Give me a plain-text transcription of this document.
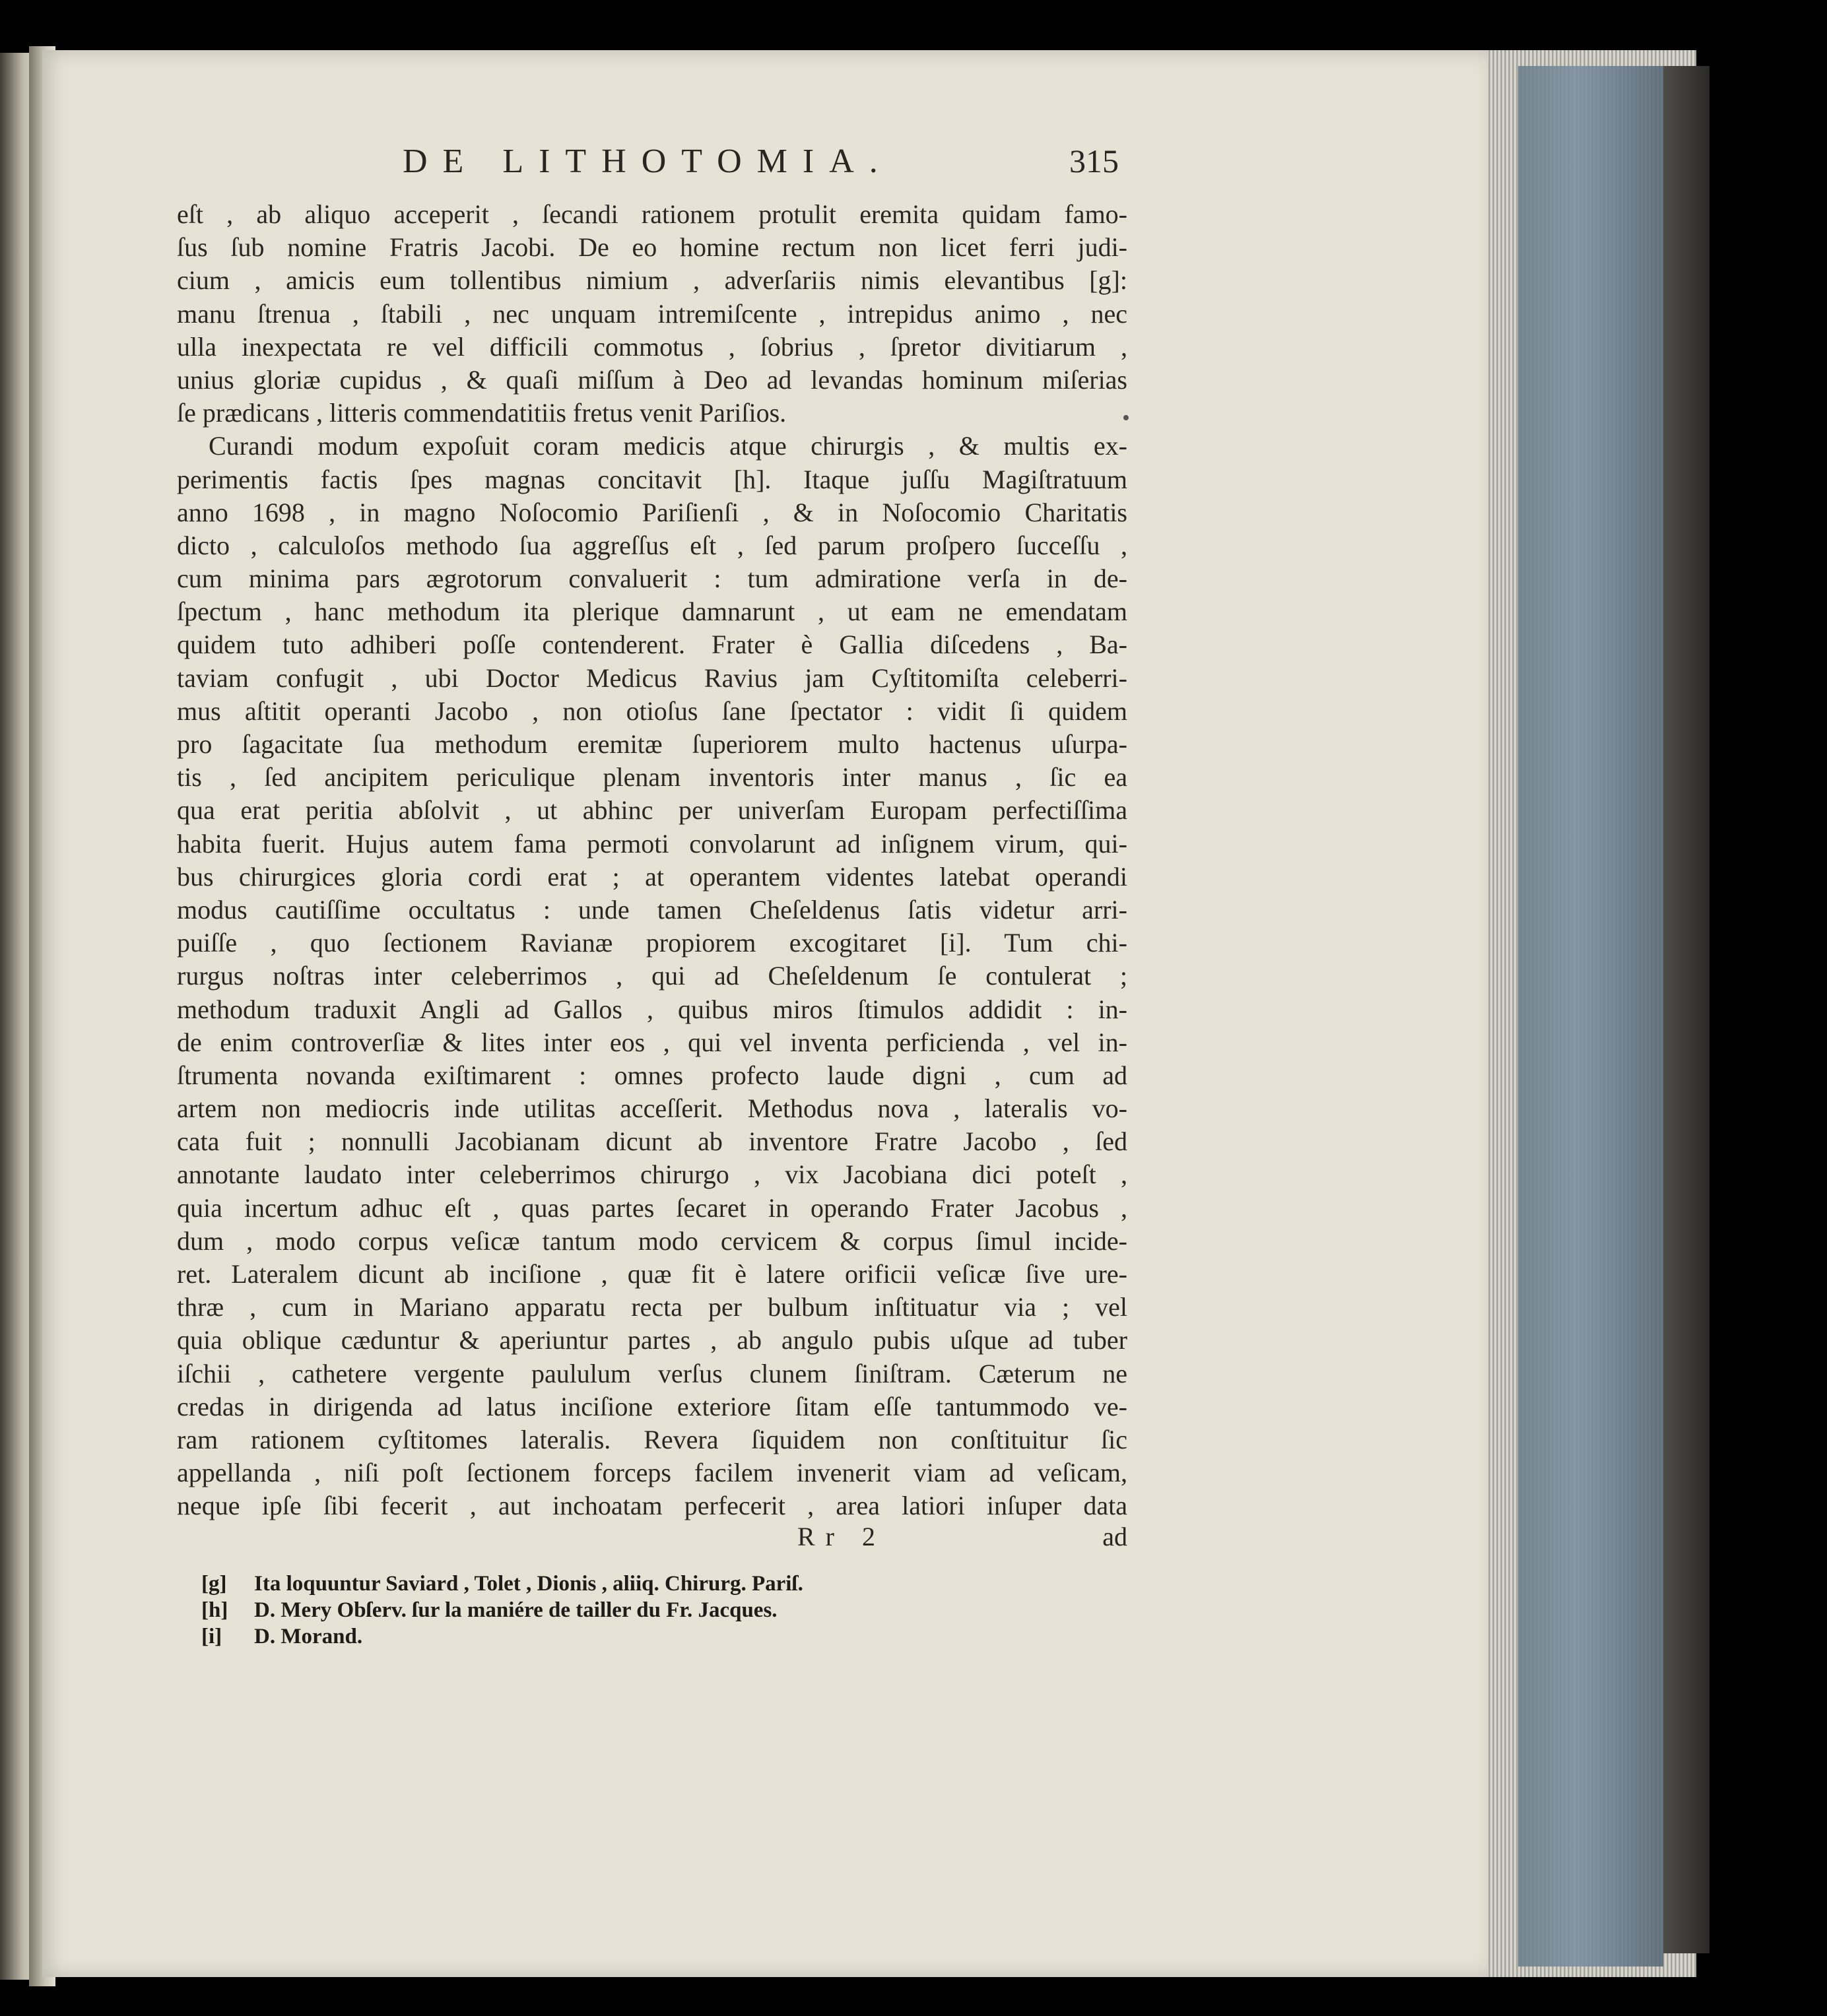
DE LITHOTOMIA.	315
eſt , ab aliquo acceperit , ſecandi rationem protulit eremita quidam famo-
ſus ſub nomine Fratris Jacobi. De eo homine rectum non licet ferri judi-
cium , amicis eum tollentibus nimium , adverſariis nimis elevantibus [g]:
manu ſtrenua , ſtabili , nec unquam intremiſcente , intrepidus animo , nec
ulla inexpectata re vel difficili commotus , ſobrius , ſpretor divitiarum ,
unius gloriæ cupidus , & quaſi miſſum à Deo ad levandas hominum miſerias
ſe prædicans , litteris commendatitiis fretus venit Pariſios.
Curandi modum expoſuit coram medicis atque chirurgis , & multis ex-
perimentis factis ſpes magnas concitavit [h]. Itaque juſſu Magiſtratuum
anno 1698 , in magno Noſocomio Pariſienſi , & in Noſocomio Charitatis
dicto , calculoſos methodo ſua aggreſſus eſt , ſed parum proſpero ſucceſſu ,
cum minima pars ægrotorum convaluerit : tum admiratione verſa in de-
ſpectum , hanc methodum ita plerique damnarunt , ut eam ne emendatam
quidem tuto adhiberi poſſe contenderent. Frater è Gallia diſcedens , Ba-
taviam confugit , ubi Doctor Medicus Ravius jam Cyſtitomiſta celeberri-
mus aſtitit operanti Jacobo , non otioſus ſane ſpectator : vidit ſi quidem
pro ſagacitate ſua methodum eremitæ ſuperiorem multo hactenus uſurpa-
tis , ſed ancipitem periculique plenam inventoris inter manus , ſic ea
qua erat peritia abſolvit , ut abhinc per univerſam Europam perfectiſſima
habita fuerit. Hujus autem fama permoti convolarunt ad inſignem virum, qui-
bus chirurgices gloria cordi erat ; at operantem videntes latebat operandi
modus cautiſſime occultatus : unde tamen Cheſeldenus ſatis videtur arri-
puiſſe , quo ſectionem Ravianæ propiorem excogitaret [i]. Tum chi-
rurgus noſtras inter celeberrimos , qui ad Cheſeldenum ſe contulerat ;
methodum traduxit Angli ad Gallos , quibus miros ſtimulos addidit : in-
de enim controverſiæ & lites inter eos , qui vel inventa perficienda , vel in-
ſtrumenta novanda exiſtimarent : omnes profecto laude digni , cum ad
artem non mediocris inde utilitas acceſſerit. Methodus nova , lateralis vo-
cata fuit ; nonnulli Jacobianam dicunt ab inventore Fratre Jacobo , ſed
annotante laudato inter celeberrimos chirurgo , vix Jacobiana dici poteſt ,
quia incertum adhuc eſt , quas partes ſecaret in operando Frater Jacobus ,
dum , modo corpus veſicæ tantum modo cervicem & corpus ſimul incide-
ret. Lateralem dicunt ab inciſione , quæ fit è latere orificii veſicæ ſive ure-
thræ , cum in Mariano apparatu recta per bulbum inſtituatur via ; vel
quia oblique cæduntur & aperiuntur partes , ab angulo pubis uſque ad tuber
iſchii , cathetere vergente paululum verſus clunem ſiniſtram. Cæterum ne
credas in dirigenda ad latus inciſione exteriore ſitam eſſe tantummodo ve-
ram rationem cyſtitomes lateralis. Revera ſiquidem non conſtituitur ſic
appellanda , niſi poſt ſectionem forceps facilem invenerit viam ad veſicam,
neque ipſe ſibi fecerit , aut inchoatam perfecerit , area latiori inſuper data
Rr 2	ad
[g] Ita loquuntur Saviard , Tolet , Dionis , aliiq. Chirurg. Pariſ.
[h] D. Mery Obſerv. ſur la maniére de tailler du Fr. Jacques.
[i] D. Morand.
•
